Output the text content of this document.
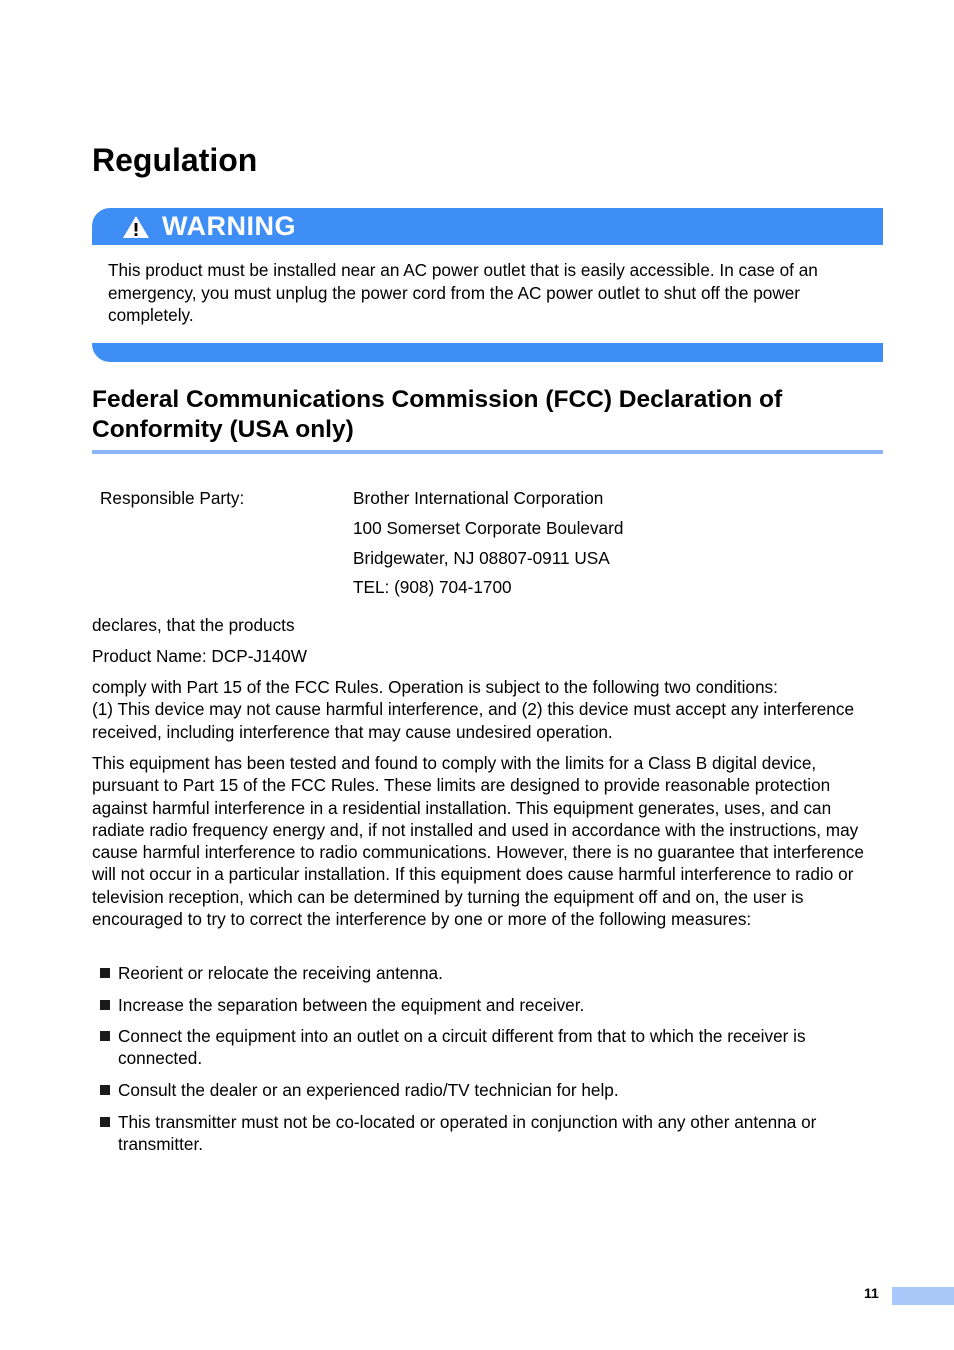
Regulation
WARNING

This product must be installed near an AC power outlet that is easily accessible. In case of an emergency, you must unplug the power cord from the AC power outlet to shut off the power completely.

Federal Communications Commission (FCC) Declaration of
Conformity (USA only)
Responsible Party:	Brother International Corporation
100 Somerset Corporate Boulevard
Bridgewater, NJ 08807-0911 USA
TEL: (908) 704-1700

declares, that the products

Product Name: DCP-J140W

comply with Part 15 of the FCC Rules. Operation is subject to the following two conditions:
(1) This device may not cause harmful interference, and (2) this device must accept any interference received, including interference that may cause undesired operation.

This equipment has been tested and found to comply with the limits for a Class B digital device, pursuant to Part 15 of the FCC Rules. These limits are designed to provide reasonable protection against harmful interference in a residential installation. This equipment generates, uses, and can radiate radio frequency energy and, if not installed and used in accordance with the instructions, may cause harmful interference to radio communications. However, there is no guarantee that interference will not occur in a particular installation. If this equipment does cause harmful interference to radio or television reception, which can be determined by turning the equipment off and on, the user is encouraged to try to correct the interference by one or more of the following measures:

Reorient or relocate the receiving antenna.

Increase the separation between the equipment and receiver.

Connect the equipment into an outlet on a circuit different from that to which the receiver is connected.

Consult the dealer or an experienced radio/TV technician for help.

This transmitter must not be co-located or operated in conjunction with any other antenna or transmitter.

11
